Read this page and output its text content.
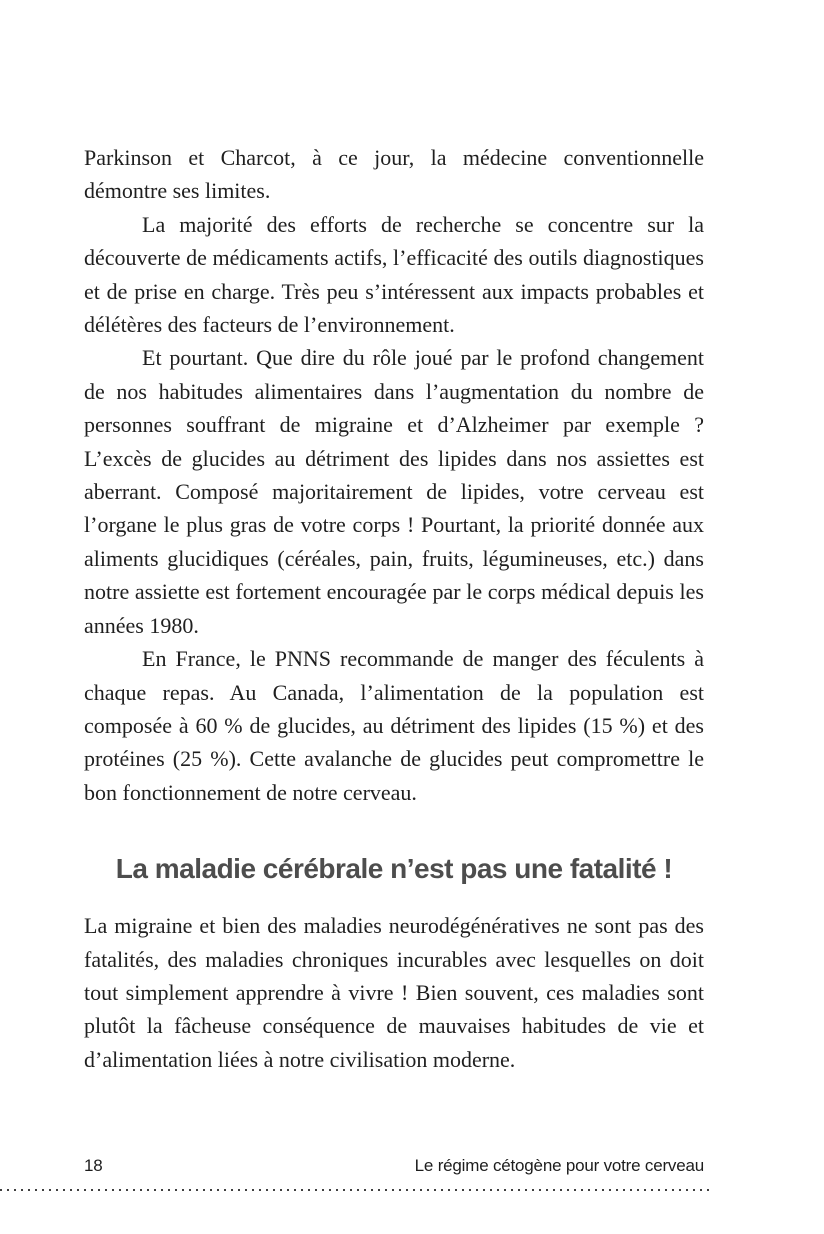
Parkinson et Charcot, à ce jour, la médecine conventionnelle démontre ses limites.

La majorité des efforts de recherche se concentre sur la découverte de médicaments actifs, l’efficacité des outils diagnostiques et de prise en charge. Très peu s’intéressent aux impacts probables et délétères des facteurs de l’environnement.

Et pourtant. Que dire du rôle joué par le profond changement de nos habitudes alimentaires dans l’augmentation du nombre de personnes souffrant de migraine et d’Alzheimer par exemple ? L’excès de glucides au détriment des lipides dans nos assiettes est aberrant. Composé majoritairement de lipides, votre cerveau est l’organe le plus gras de votre corps ! Pourtant, la priorité donnée aux aliments glucidiques (céréales, pain, fruits, légumineuses, etc.) dans notre assiette est fortement encouragée par le corps médical depuis les années 1980.

En France, le PNNS recommande de manger des féculents à chaque repas. Au Canada, l’alimentation de la population est composée à 60 % de glucides, au détriment des lipides (15 %) et des protéines (25 %). Cette avalanche de glucides peut compromettre le bon fonctionnement de notre cerveau.

La maladie cérébrale n’est pas une fatalité !

La migraine et bien des maladies neurodégénératives ne sont pas des fatalités, des maladies chroniques incurables avec lesquelles on doit tout simplement apprendre à vivre ! Bien souvent, ces maladies sont plutôt la fâcheuse conséquence de mauvaises habitudes de vie et d’alimentation liées à notre civilisation moderne.

18	Le régime cétogène pour votre cerveau
